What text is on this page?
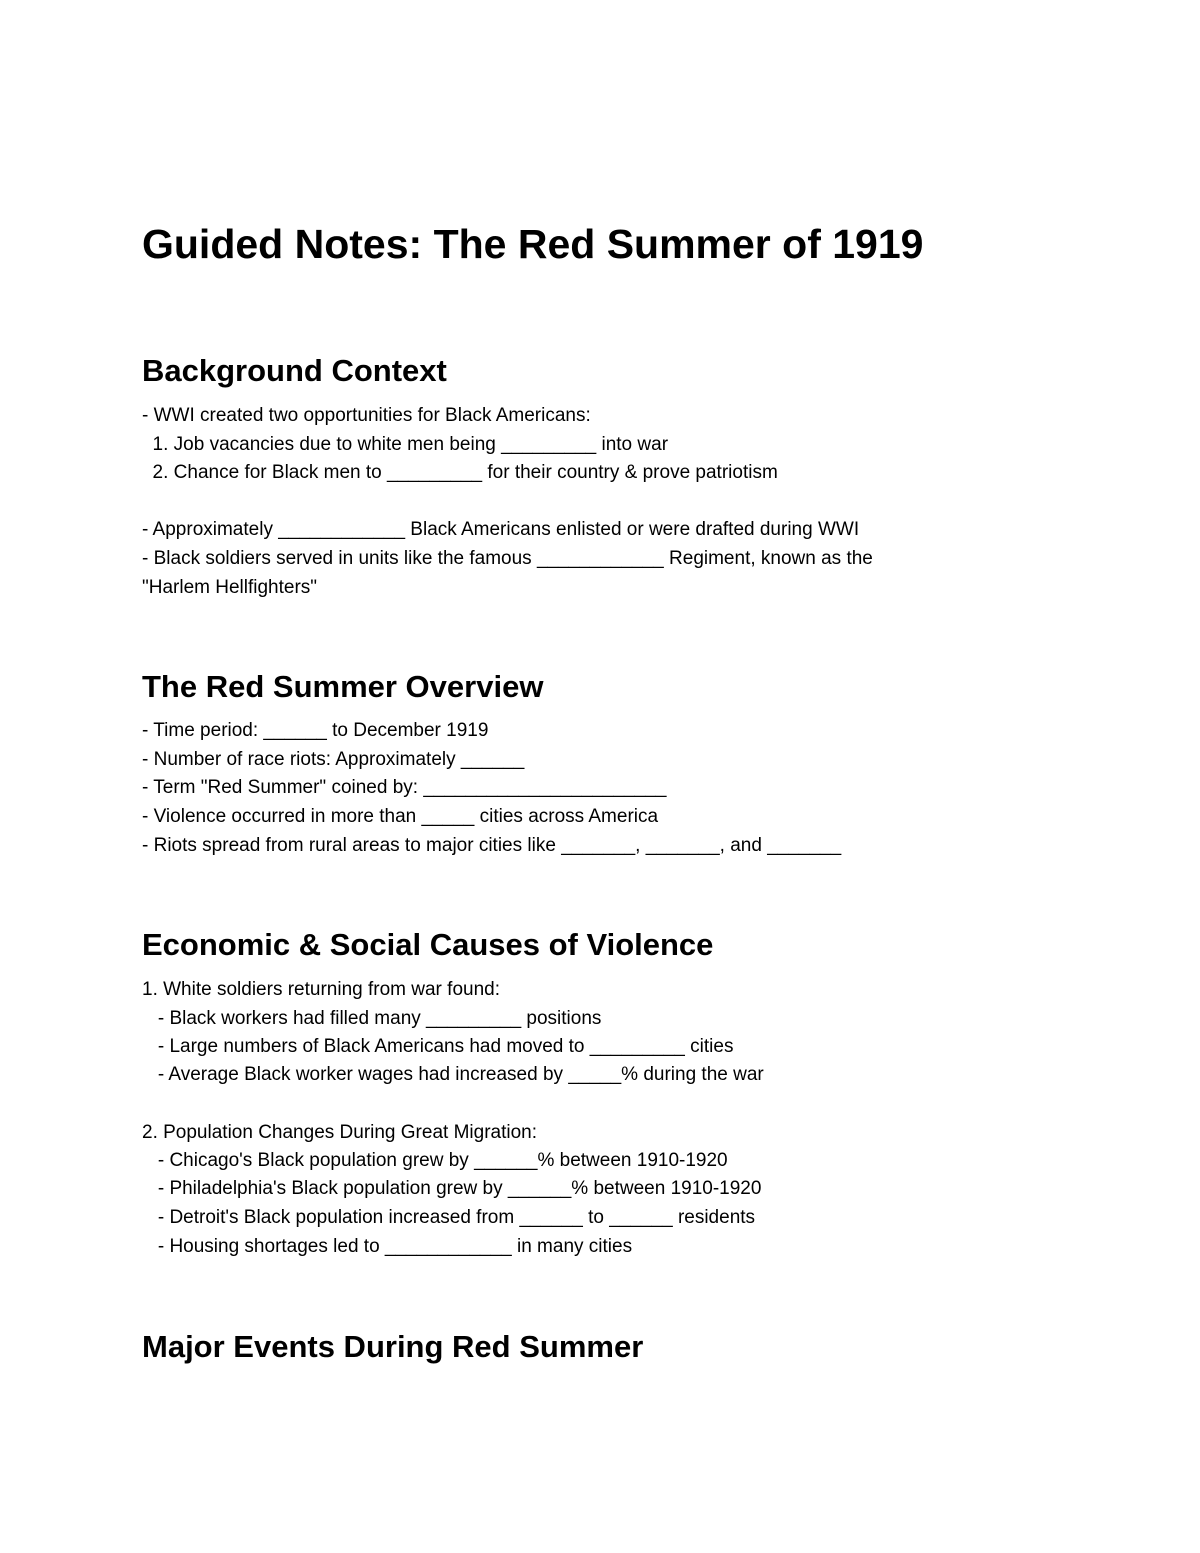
Guided Notes: The Red Summer of 1919
Background Context

- WWI created two opportunities for Black Americans:

1. Job vacancies due to white men being _________ into war

2. Chance for Black men to _________ for their country & prove patriotism

- Approximately ____________ Black Americans enlisted or were drafted during WWI

- Black soldiers served in units like the famous ____________ Regiment, known as the

"Harlem Hellfighters"

The Red Summer Overview

- Time period: ______ to December 1919

- Number of race riots: Approximately ______

- Term "Red Summer" coined by: _______________________

- Violence occurred in more than _____ cities across America

- Riots spread from rural areas to major cities like _______, _______, and _______

Economic & Social Causes of Violence

1. White soldiers returning from war found:

- Black workers had filled many _________ positions

- Large numbers of Black Americans had moved to _________ cities

- Average Black worker wages had increased by _____% during the war

2. Population Changes During Great Migration:

- Chicago's Black population grew by ______% between 1910-1920

- Philadelphia's Black population grew by ______% between 1910-1920

- Detroit's Black population increased from ______ to ______ residents

- Housing shortages led to ____________ in many cities

Major Events During Red Summer
